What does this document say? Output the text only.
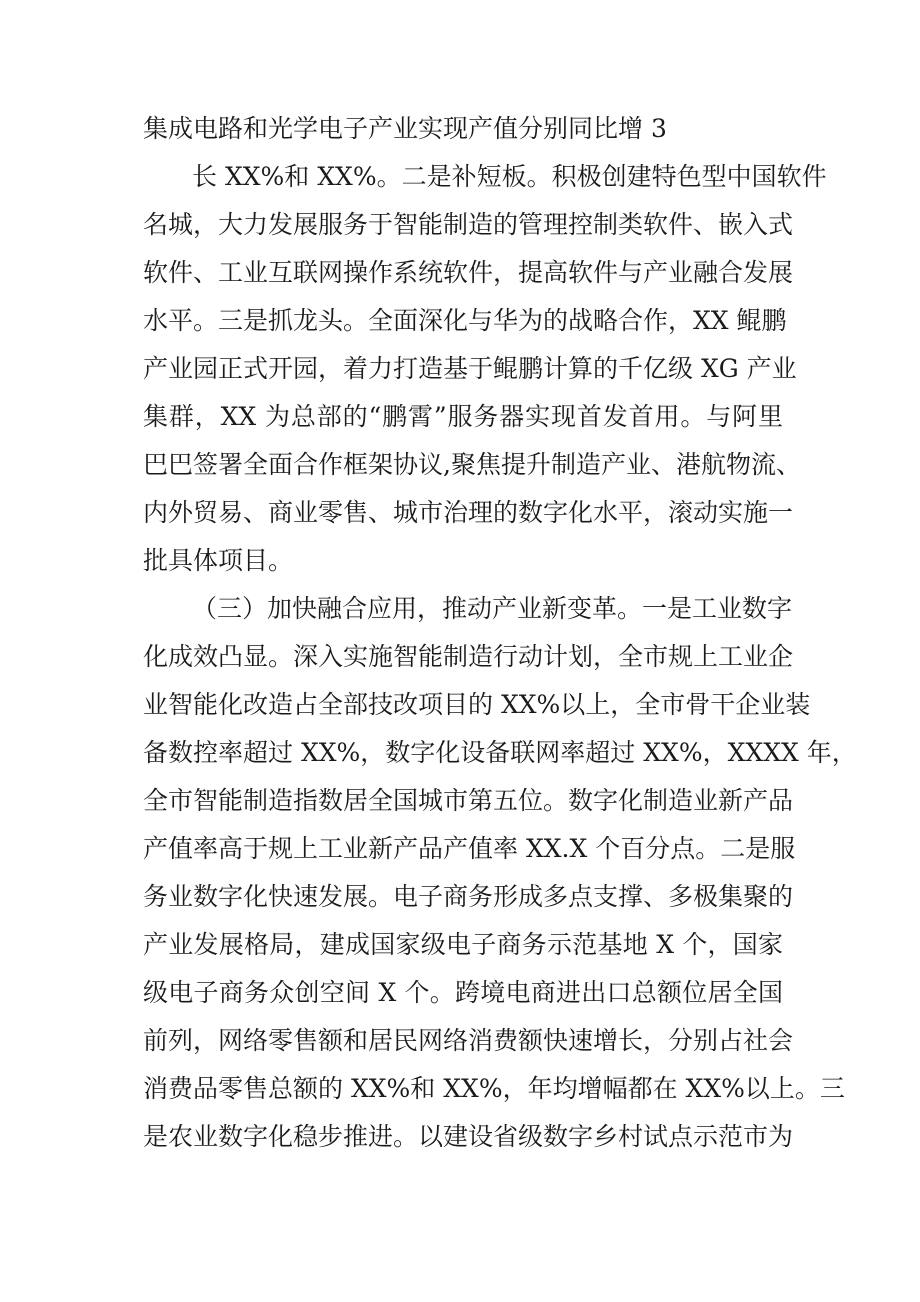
集成电路和光学电子产业实现产值分别同比增 3
长 XX%和 XX%。二是补短板。积极创建特色型中国软件
名城，大力发展服务于智能制造的管理控制类软件、嵌入式
软件、工业互联网操作系统软件，提高软件与产业融合发展
水平。三是抓龙头。全面深化与华为的战略合作，XX 鲲鹏
产业园正式开园，着力打造基于鲲鹏计算的千亿级 XG 产业
集群，XX 为总部的“鹏霄”服务器实现首发首用。与阿里
巴巴签署全面合作框架协议,聚焦提升制造产业、港航物流、
内外贸易、商业零售、城市治理的数字化水平，滚动实施一
批具体项目。
（三）加快融合应用，推动产业新变革。一是工业数字
化成效凸显。深入实施智能制造行动计划，全市规上工业企
业智能化改造占全部技改项目的 XX%以上，全市骨干企业装
备数控率超过 XX%，数字化设备联网率超过 XX%，XXXX 年，
全市智能制造指数居全国城市第五位。数字化制造业新产品
产值率高于规上工业新产品产值率 XX.X 个百分点。二是服
务业数字化快速发展。电子商务形成多点支撑、多极集聚的
产业发展格局，建成国家级电子商务示范基地 X 个，国家
级电子商务众创空间 X 个。跨境电商进出口总额位居全国
前列，网络零售额和居民网络消费额快速增长，分别占社会
消费品零售总额的 XX%和 XX%，年均增幅都在 XX%以上。三
是农业数字化稳步推进。以建设省级数字乡村试点示范市为
